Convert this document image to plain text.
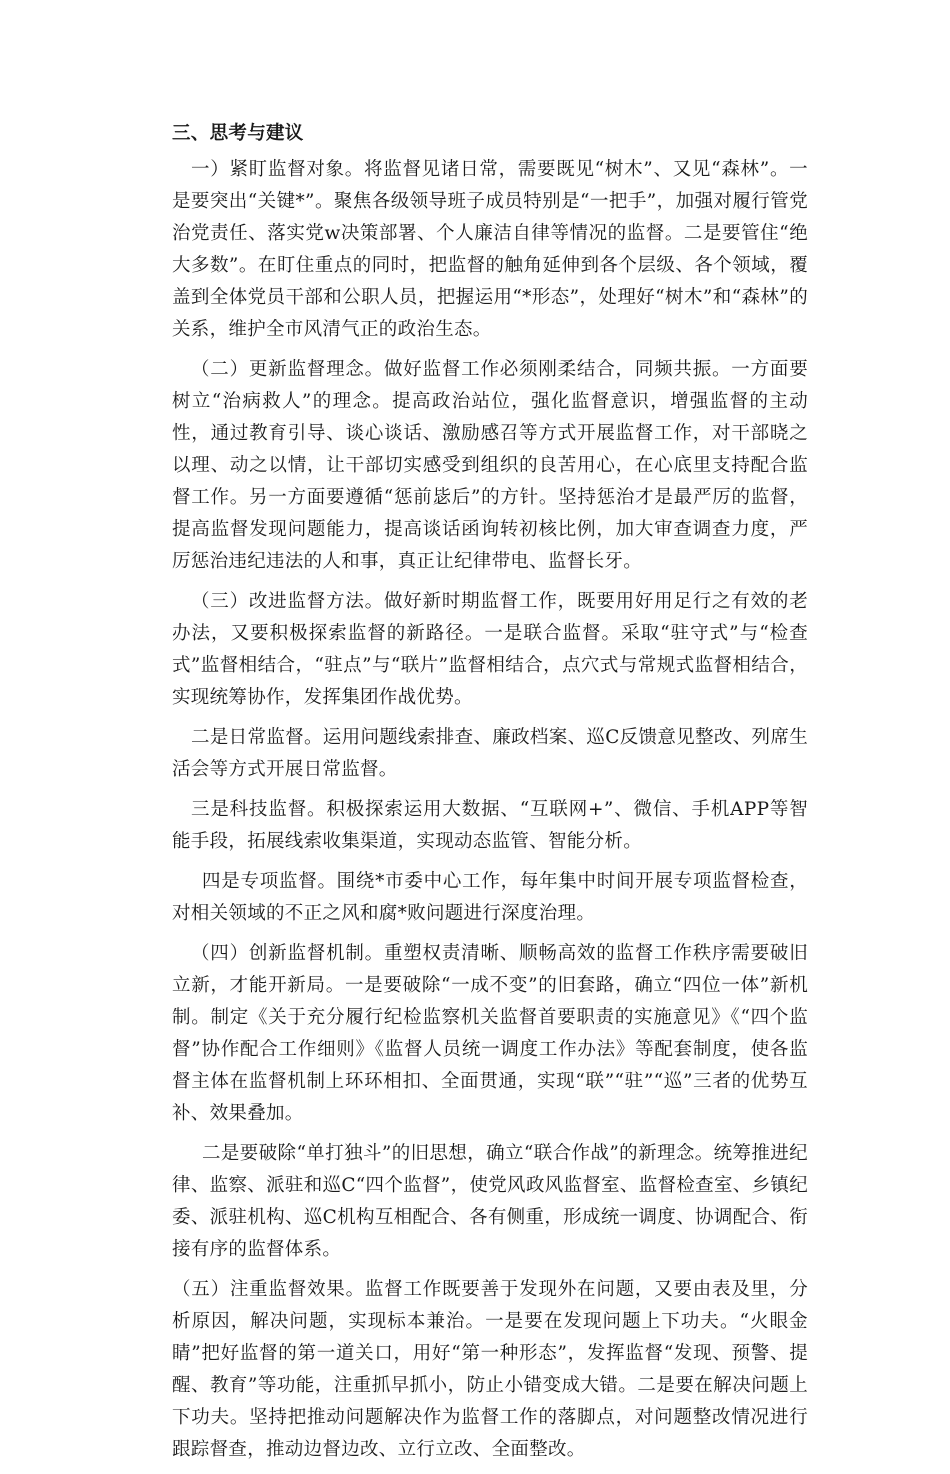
三、思考与建议

一）紧盯监督对象。将监督见诸日常，需要既见“树木”、又见“森林”。一是要突出“关键*”。聚焦各级领导班子成员特别是“一把手”，加强对履行管党治党责任、落实党w决策部署、个人廉洁自律等情况的监督。二是要管住“绝大多数”。在盯住重点的同时，把监督的触角延伸到各个层级、各个领域，覆盖到全体党员干部和公职人员，把握运用“*形态”，处理好“树木”和“森林”的关系，维护全市风清气正的政治生态。

（二）更新监督理念。做好监督工作必须刚柔结合，同频共振。一方面要树立“治病救人”的理念。提高政治站位，强化监督意识，增强监督的主动性，通过教育引导、谈心谈话、激励感召等方式开展监督工作，对干部晓之以理、动之以情，让干部切实感受到组织的良苦用心，在心底里支持配合监督工作。另一方面要遵循“惩前毖后”的方针。坚持惩治才是最严厉的监督，提高监督发现问题能力，提高谈话函询转初核比例，加大审查调查力度，严厉惩治违纪违法的人和事，真正让纪律带电、监督长牙。

（三）改进监督方法。做好新时期监督工作，既要用好用足行之有效的老办法，又要积极探索监督的新路径。一是联合监督。采取“驻守式”与“检查式”监督相结合，“驻点”与“联片”监督相结合，点穴式与常规式监督相结合，实现统筹协作，发挥集团作战优势。

二是日常监督。运用问题线索排查、廉政档案、巡C反馈意见整改、列席生活会等方式开展日常监督。

三是科技监督。积极探索运用大数据、“互联网+”、微信、手机APP等智能手段，拓展线索收集渠道，实现动态监管、智能分析。

四是专项监督。围绕*市委中心工作，每年集中时间开展专项监督检查，对相关领域的不正之风和腐*败问题进行深度治理。

（四）创新监督机制。重塑权责清晰、顺畅高效的监督工作秩序需要破旧立新，才能开新局。一是要破除“一成不变”的旧套路，确立“四位一体”新机制。制定《关于充分履行纪检监察机关监督首要职责的实施意见》《“四个监督”协作配合工作细则》《监督人员统一调度工作办法》等配套制度，使各监督主体在监督机制上环环相扣、全面贯通，实现“联”“驻”“巡”三者的优势互补、效果叠加。

二是要破除“单打独斗”的旧思想，确立“联合作战”的新理念。统筹推进纪律、监察、派驻和巡C“四个监督”，使党风政风监督室、监督检查室、乡镇纪委、派驻机构、巡C机构互相配合、各有侧重，形成统一调度、协调配合、衔接有序的监督体系。

（五）注重监督效果。监督工作既要善于发现外在问题，又要由表及里，分析原因，解决问题，实现标本兼治。一是要在发现问题上下功夫。“火眼金睛”把好监督的第一道关口，用好“第一种形态”，发挥监督“发现、预警、提醒、教育”等功能，注重抓早抓小，防止小错变成大错。二是要在解决问题上下功夫。坚持把推动问题解决作为监督工作的落脚点，对问题整改情况进行跟踪督查，推动边督边改、立行立改、全面整改。
